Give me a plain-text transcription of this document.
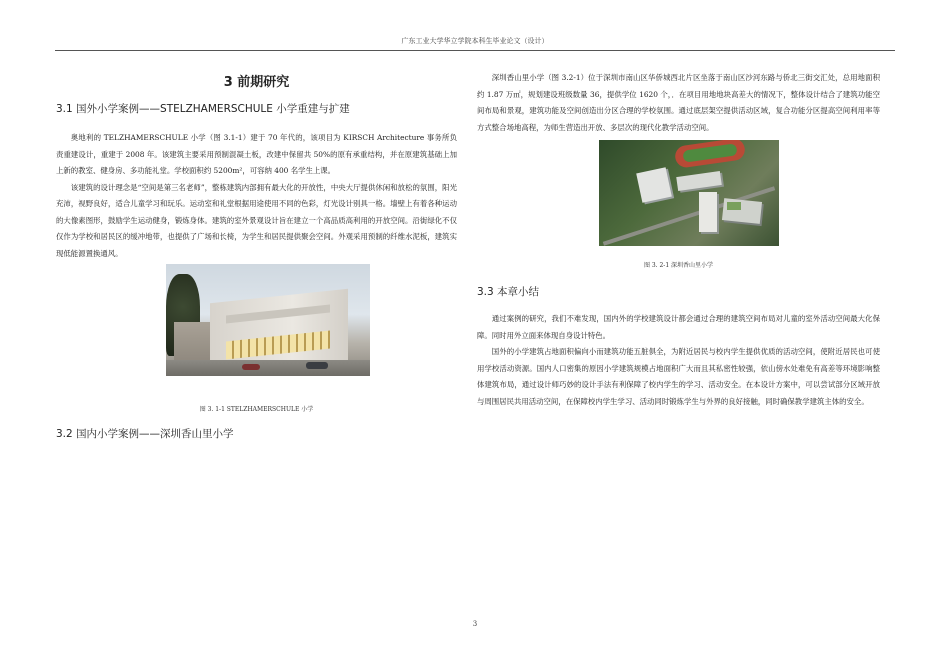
广东工业大学华立学院本科生毕业论文（设计）
3 前期研究
3.1 国外小学案例——STELZHAMERSCHULE 小学重建与扩建

奥地利的 TELZHAMERSCHULE 小学（图 3.1-1）建于 70 年代的，该项目为 KIRSCH Architecture 事务所负责重建设计，重建于 2008 年。该建筑主要采用预制混凝土板，改建中保留共 50%的原有承重结构，并在原建筑基础上加上新的教室、健身房、多功能礼堂。学校面积约 5200m²，可容纳 400 名学生上课。

该建筑的设计理念是“空间是第三名老师”，整栋建筑内部拥有最大化的开放性，中央大厅提供休闲和放松的氛围，阳光充沛，视野良好，适合儿童学习和玩乐。运动室和礼堂根据用途使用不同的色彩，灯光设计别具一格。墙壁上有着各种运动的大像素图形，鼓励学生运动健身，锻炼身体。建筑的室外景观设计旨在建立一个高品质高利用的开放空间。沿街绿化不仅仅作为学校和居民区的缓冲地带，也提供了广场和长椅，为学生和居民提供聚会空间。外观采用预制的纤维水泥板，建筑实现低能源置换通风。

图 3. 1-1 STELZHAMERSCHULE 小学
3.2 国内小学案例——深圳香山里小学

深圳香山里小学（图 3.2-1）位于深圳市南山区华侨城西北片区坐落于南山区沙河东路与侨北三街交汇处，总用地面积约 1.87 万㎡，规划建设班级数量 36，提供学位 1620 个，．在项目用地地块高差大的情况下，整体设计结合了建筑功能空间布局和景观，建筑功能及空间创造出分区合理的学校氛围。通过底层架空提供活动区域，复合功能分区提高空间利用率等方式整合场地高程，为师生营造出开放、多层次的现代化教学活动空间。

图 3. 2-1 深圳香山里小学
3.3 本章小结

通过案例的研究，我们不难发现，国内外的学校建筑设计都会通过合理的建筑空间布局对儿童的室外活动空间最大化保障。同时用外立面来体现自身设计特色。

国外的小学建筑占地面积偏向小而建筑功能五脏俱全，为附近居民与校内学生提供优质的活动空间，使附近居民也可使用学校活动资源。国内人口密集的原因小学建筑规模占地面积广大而且其私密性较强，依山傍水处难免有高差等环境影响整体建筑布局，通过设计师巧妙的设计手法有利保障了校内学生的学习、活动安全。在本设计方案中，可以尝试部分区域开放与周围居民共用活动空间，在保障校内学生学习、活动同时锻炼学生与外界的良好接触，同时确保教学建筑主体的安全。

3
